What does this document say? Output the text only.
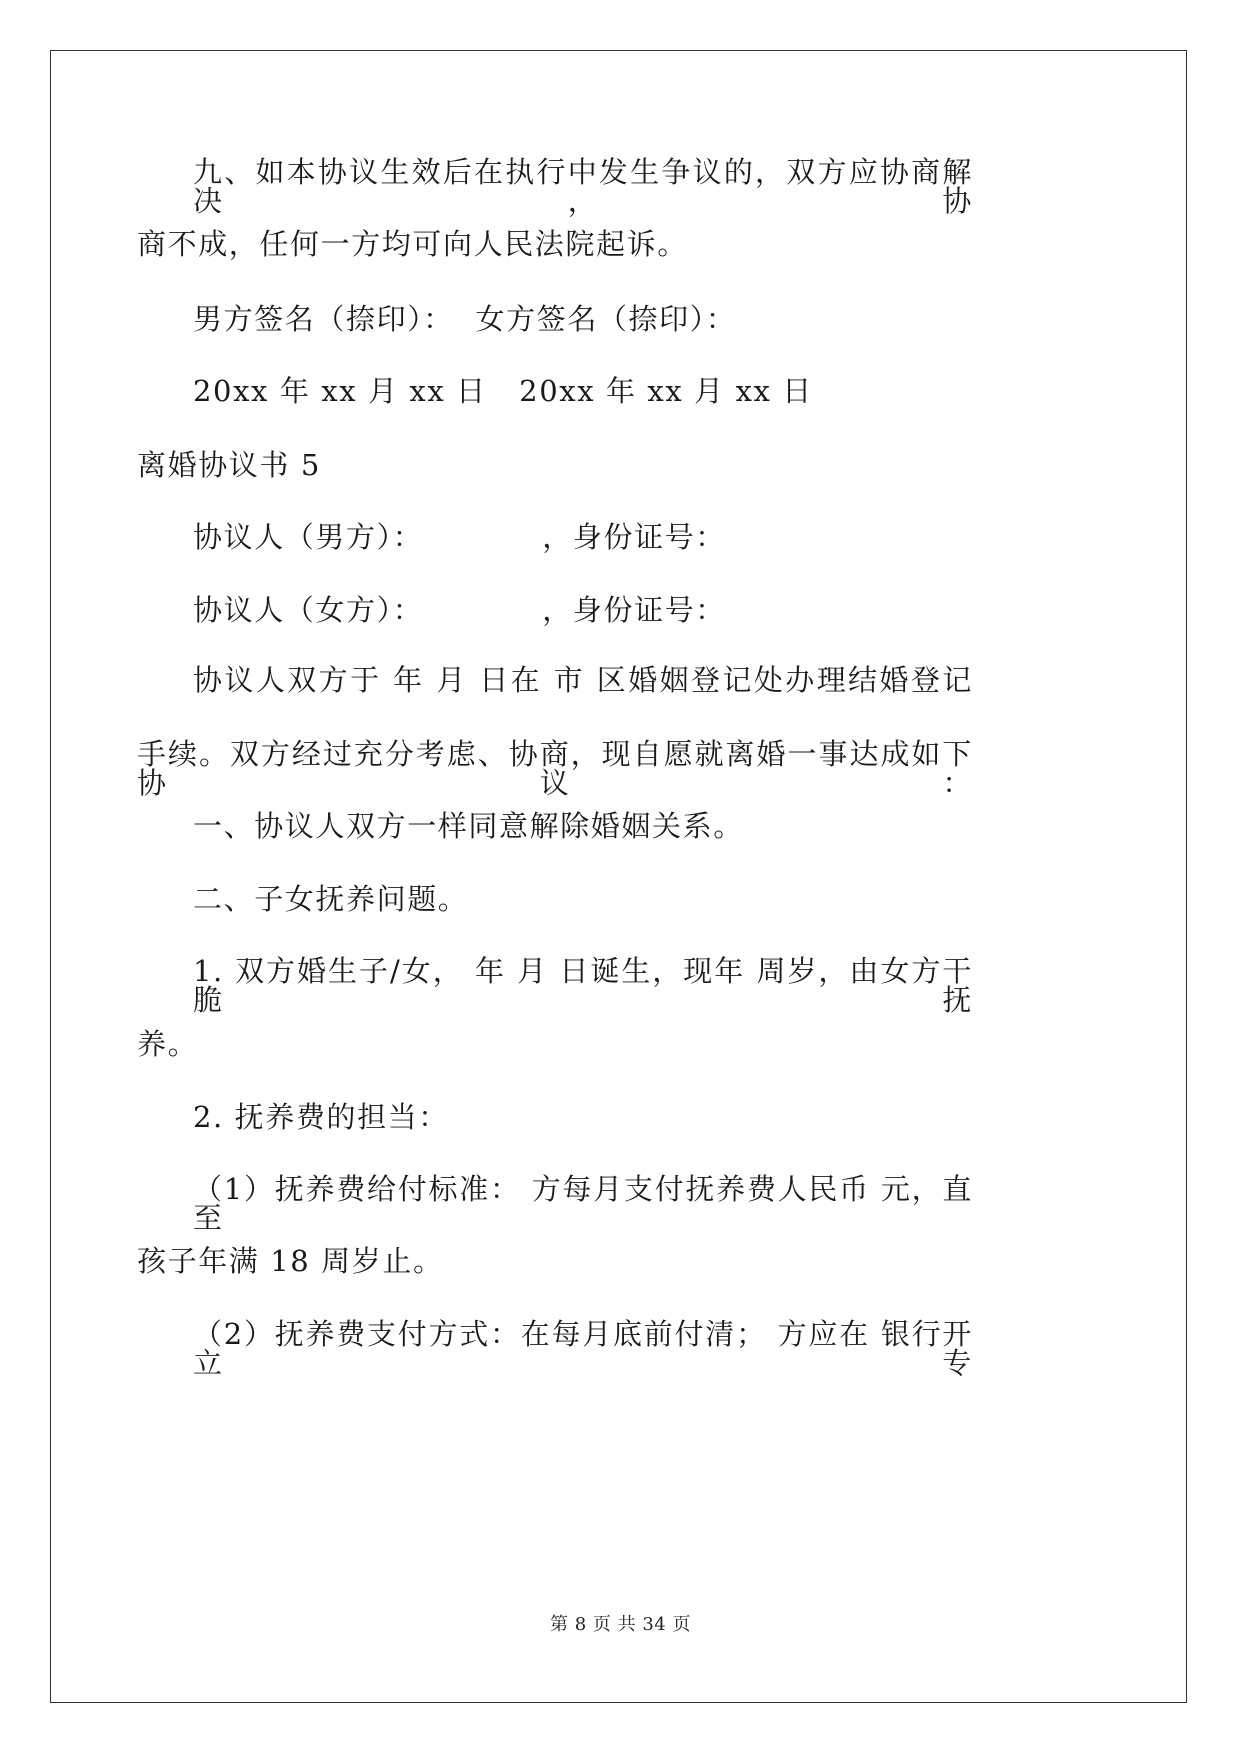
九、如本协议生效后在执行中发生争议的，双方应协商解决，协
商不成，任何一方均可向人民法院起诉。
男方签名（捺印）：  女方签名（捺印）：
20xx 年 xx 月 xx 日   20xx 年 xx 月 xx 日
离婚协议书 5
协议人（男方）：           ，身份证号：
协议人（女方）：           ，身份证号：
协议人双方于 年 月 日在 市 区婚姻登记处办理结婚登记
手续。双方经过充分考虑、协商，现自愿就离婚一事达成如下协议：
一、协议人双方一样同意解除婚姻关系。
二、子女抚养问题。
1. 双方婚生子/女， 年 月 日诞生，现年 周岁，由女方干脆抚
养。
2. 抚养费的担当：
（1）抚养费给付标准： 方每月支付抚养费人民币 元，直至
孩子年满 18 周岁止。
（2）抚养费支付方式：在每月底前付清； 方应在 银行开立专
第 8 页 共 34 页
